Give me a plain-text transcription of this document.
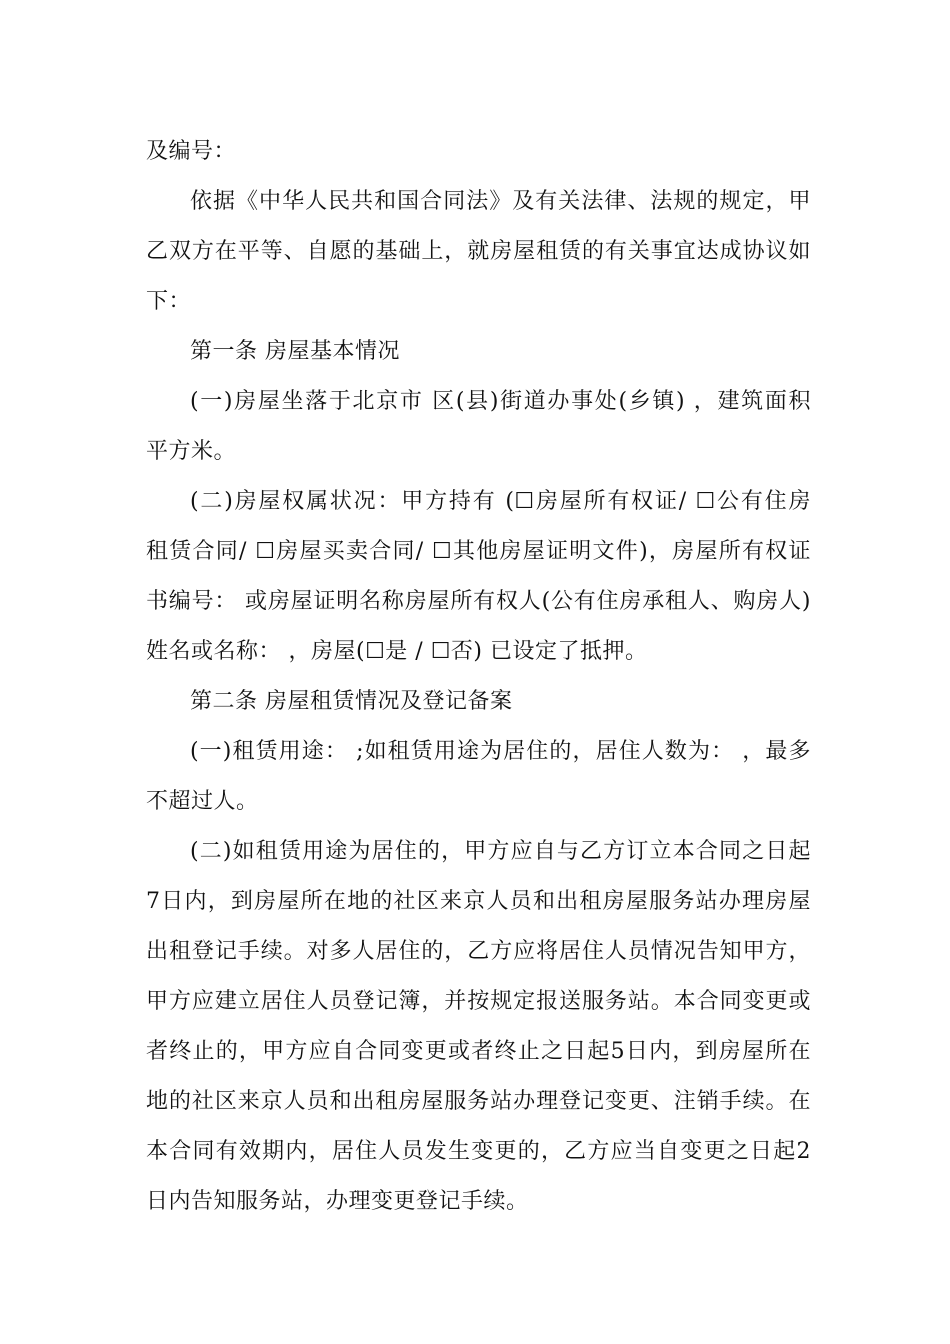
及编号：
依据《中华人民共和国合同法》及有关法律、法规的规定，甲
乙双方在平等、自愿的基础上，就房屋租赁的有关事宜达成协议如
下：
第一条 房屋基本情况
(一)房屋坐落于北京市 区(县)街道办事处(乡镇) ，建筑面积
平方米。
(二)房屋权属状况：甲方持有 (☐房屋所有权证/ ☐公有住房
租赁合同/ ☐房屋买卖合同/ ☐其他房屋证明文件)，房屋所有权证
书编号： 或房屋证明名称房屋所有权人(公有住房承租人、购房人)
姓名或名称： ，房屋(☐是 / ☐否) 已设定了抵押。
第二条 房屋租赁情况及登记备案
(一)租赁用途： ;如租赁用途为居住的，居住人数为： ，最多
不超过人。
(二)如租赁用途为居住的，甲方应自与乙方订立本合同之日起
7日内，到房屋所在地的社区来京人员和出租房屋服务站办理房屋
出租登记手续。对多人居住的，乙方应将居住人员情况告知甲方，
甲方应建立居住人员登记簿，并按规定报送服务站。本合同变更或
者终止的，甲方应自合同变更或者终止之日起5日内，到房屋所在
地的社区来京人员和出租房屋服务站办理登记变更、注销手续。在
本合同有效期内，居住人员发生变更的，乙方应当自变更之日起2
日内告知服务站，办理变更登记手续。
